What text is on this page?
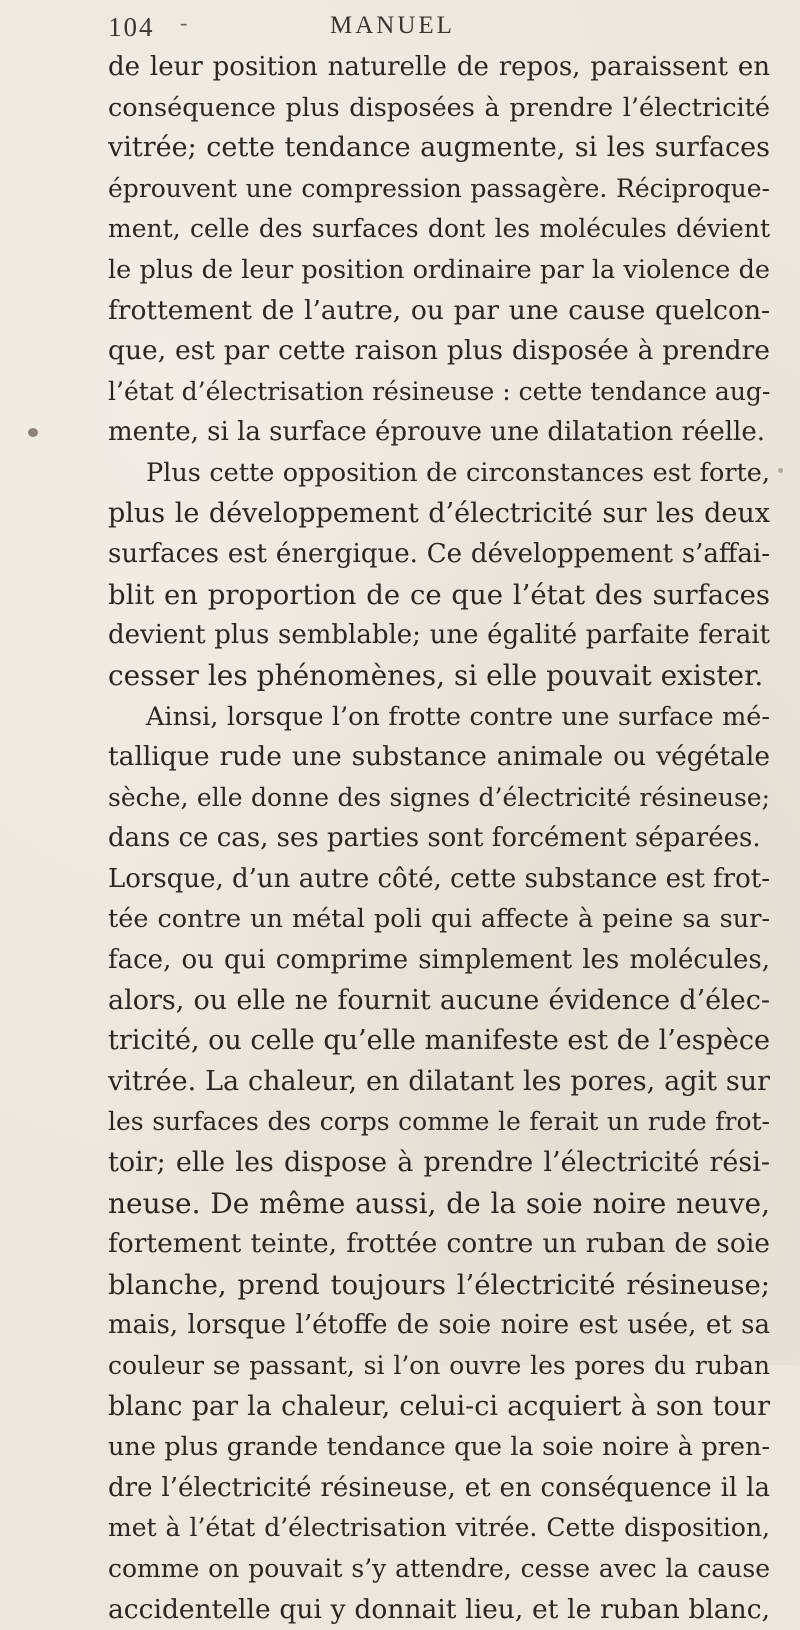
104 -	MANUEL
de leur position naturelle de repos, paraissent en
conséquence plus disposées à prendre l’électricité
vitrée; cette tendance augmente, si les surfaces
éprouvent une compression passagère. Réciproque-
ment, celle des surfaces dont les molécules dévient
le plus de leur position ordinaire par la violence de
frottement de l’autre, ou par une cause quelcon-
que, est par cette raison plus disposée à prendre
l’état d’électrisation résineuse : cette tendance aug-
mente, si la surface éprouve une dilatation réelle.
Plus cette opposition de circonstances est forte,
plus le développement d’électricité sur les deux
surfaces est énergique. Ce développement s’affai-
blit en proportion de ce que l’état des surfaces
devient plus semblable; une égalité parfaite ferait
cesser les phénomènes, si elle pouvait exister.
Ainsi, lorsque l’on frotte contre une surface mé-
tallique rude une substance animale ou végétale
sèche, elle donne des signes d’électricité résineuse;
dans ce cas, ses parties sont forcément séparées.
Lorsque, d’un autre côté, cette substance est frot-
tée contre un métal poli qui affecte à peine sa sur-
face, ou qui comprime simplement les molécules,
alors, ou elle ne fournit aucune évidence d’élec-
tricité, ou celle qu’elle manifeste est de l’espèce
vitrée. La chaleur, en dilatant les pores, agit sur
les surfaces des corps comme le ferait un rude frot-
toir; elle les dispose à prendre l’électricité rési-
neuse. De même aussi, de la soie noire neuve,
fortement teinte, frottée contre un ruban de soie
blanche, prend toujours l’électricité résineuse;
mais, lorsque l’étoffe de soie noire est usée, et sa
couleur se passant, si l’on ouvre les pores du ruban
blanc par la chaleur, celui-ci acquiert à son tour
une plus grande tendance que la soie noire à pren-
dre l’électricité résineuse, et en conséquence il la
met à l’état d’électrisation vitrée. Cette disposition,
comme on pouvait s’y attendre, cesse avec la cause
accidentelle qui y donnait lieu, et le ruban blanc,
